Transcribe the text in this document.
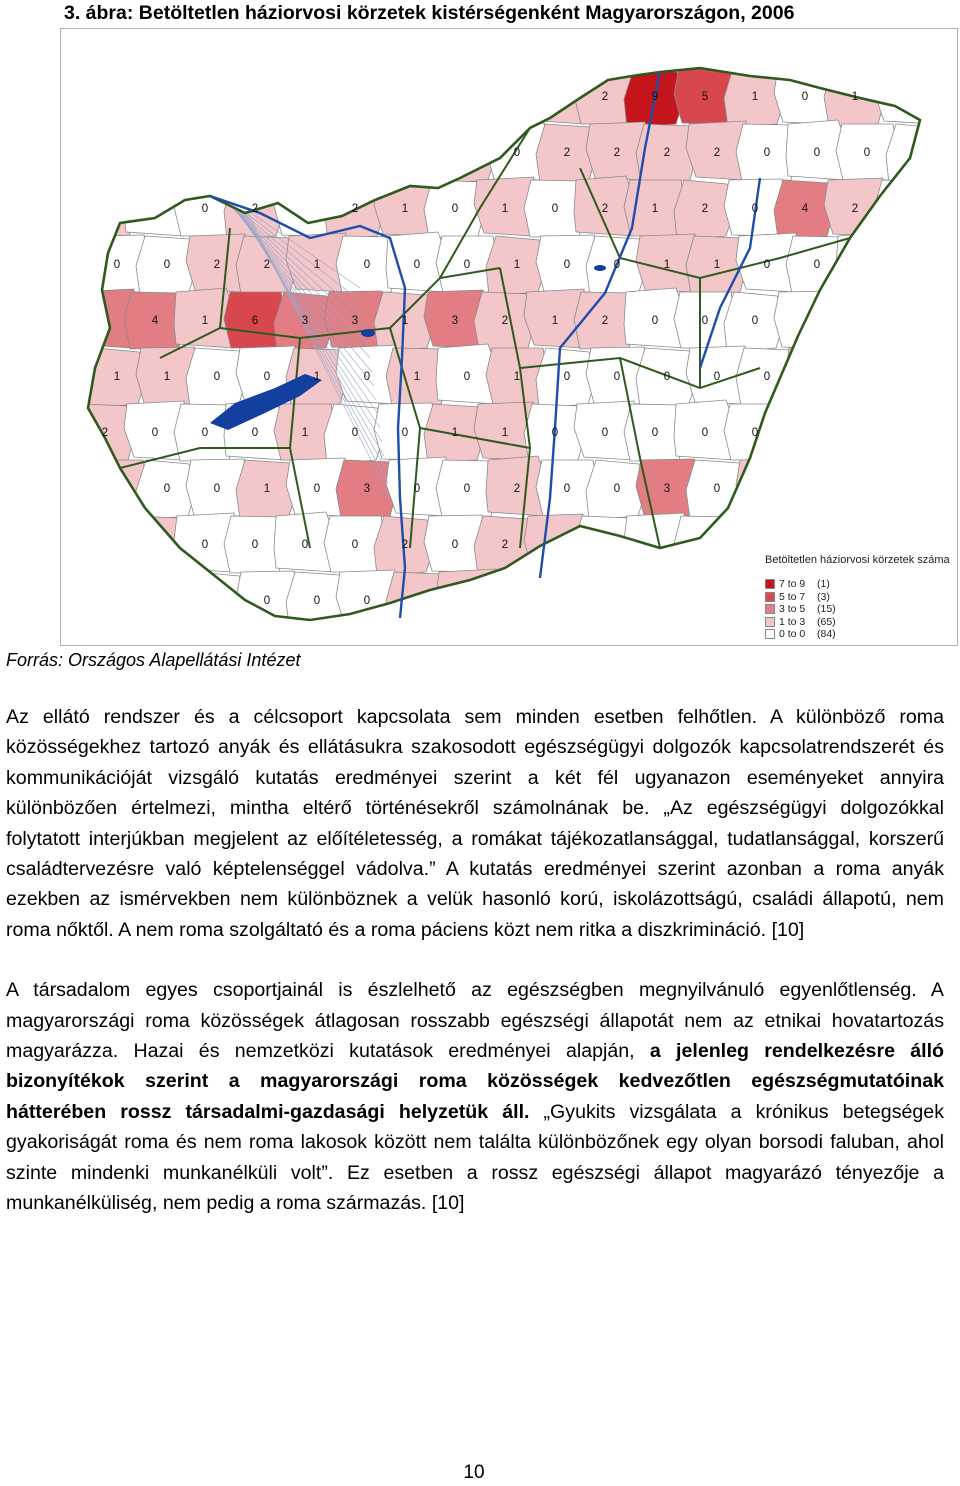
3. ábra: Betöltetlen háziorvosi körzetek kistérségenként Magyarországon, 2006
2	9	5	1	0	1
0	2	2	2	2	0	0	0
0	2	2	1	0	1	0	2	1	2	0	4	2
0	0	2	2	1	0	0	0	1	0	0	1	1	0	0
4	1	6	3	3	1	3	2	1	2	0	0	0
1	1	0	0	1	0	1	0	1	0	0	0	0	0
2	0	0	0	1	0	0	1	1	0	0	0	0	0
0	0	1	0	3	0	0	2	0	0	3	0
0	0	0	0	2	0	2
0	0	0
Betöltetlen háziorvosi körzetek száma
7 to 9	(1)
5 to 7	(3)
3 to 5	(15)
1 to 3	(65)
0 to 0	(84)
Forrás: Országos Alapellátási Intézet

Az ellátó rendszer és a célcsoport kapcsolata sem minden esetben felhőtlen. A különböző roma közösségekhez tartozó anyák és ellátásukra szakosodott egészségügyi dolgozók kapcsolatrendszerét és kommunikációját vizsgáló kutatás eredményei szerint a két fél ugyanazon eseményeket annyira különbözően értelmezi, mintha eltérő történésekről számolnának be. „Az egészségügyi dolgozókkal folytatott interjúkban megjelent az előítéletesség, a romákat tájékozatlansággal, tudatlansággal, korszerű családtervezésre való képtelenséggel vádolva.” A kutatás eredményei szerint azonban a roma anyák ezekben az ismérvekben nem különböznek a velük hasonló korú, iskolázottságú, családi állapotú, nem roma nőktől. A nem roma szolgáltató és a roma páciens közt nem ritka a diszkrimináció. [10]

A társadalom egyes csoportjainál is észlelhető az egészségben megnyilvánuló egyenlőtlenség. A magyarországi roma közösségek átlagosan rosszabb egészségi állapotát nem az etnikai hovatartozás magyarázza. Hazai és nemzetközi kutatások eredményei alapján, a jelenleg rendelkezésre álló bizonyítékok szerint a magyarországi roma közösségek kedvezőtlen egészségmutatóinak hátterében rossz társadalmi-gazdasági helyzetük áll. „Gyukits vizsgálata a krónikus betegségek gyakoriságát roma és nem roma lakosok között nem találta különbözőnek egy olyan borsodi faluban, ahol szinte mindenki munkanélküli volt”. Ez esetben a rossz egészségi állapot magyarázó tényezője a munkanélküliség, nem pedig a roma származás. [10]

10
